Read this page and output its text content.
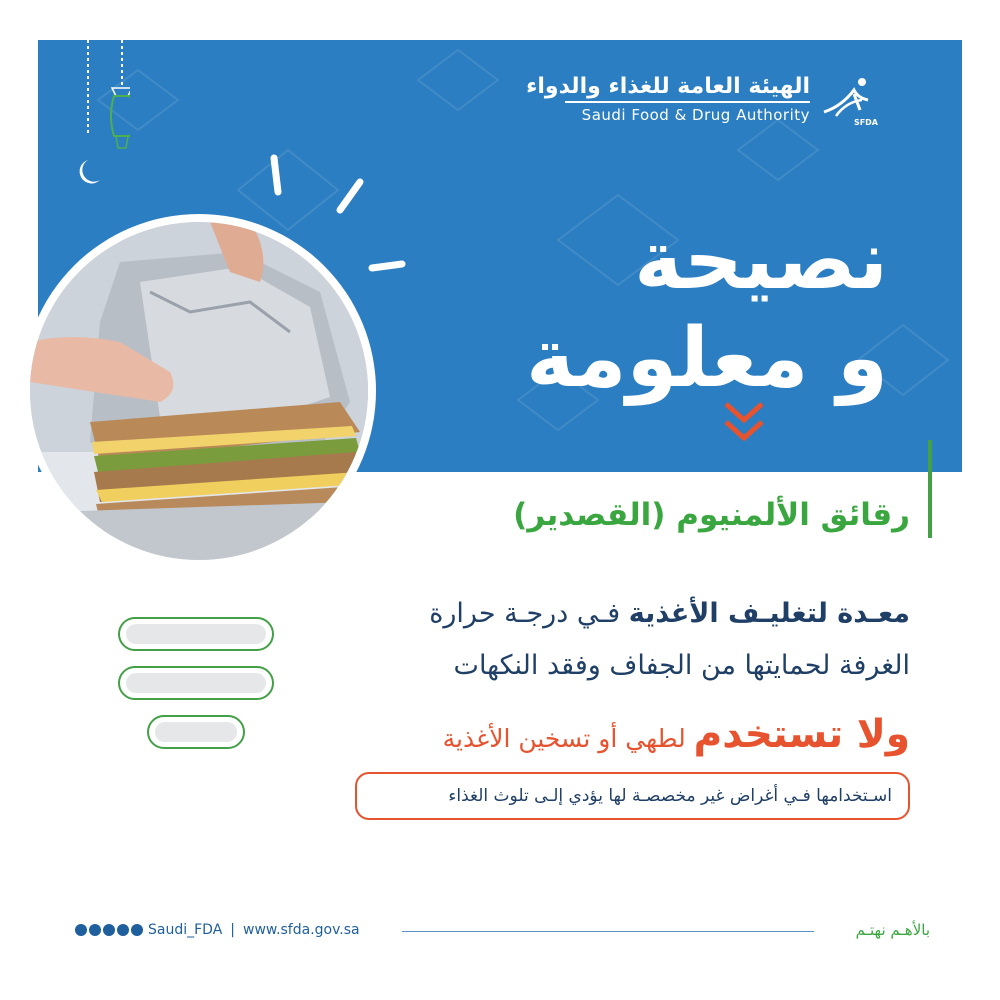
الهيئة العامة للغذاء والدواء
Saudi Food & Drug Authority	SFDA
نصيحة
و معلومة
رقائق الألمنيوم (القصدير)
معـدة لتغليـف الأغذية فـي درجـة حرارة
الغرفة لحمايتها من الجفاف وفقد النكهات
ولا تستخدم لطهي أو تسخين الأغذية
اسـتخدامها فـي أغراض غير مخصصـة لها يؤدي إلـى تلوث الغذاء
Saudi_FDA | www.sfda.gov.sa	بالأهـم نهتـم
